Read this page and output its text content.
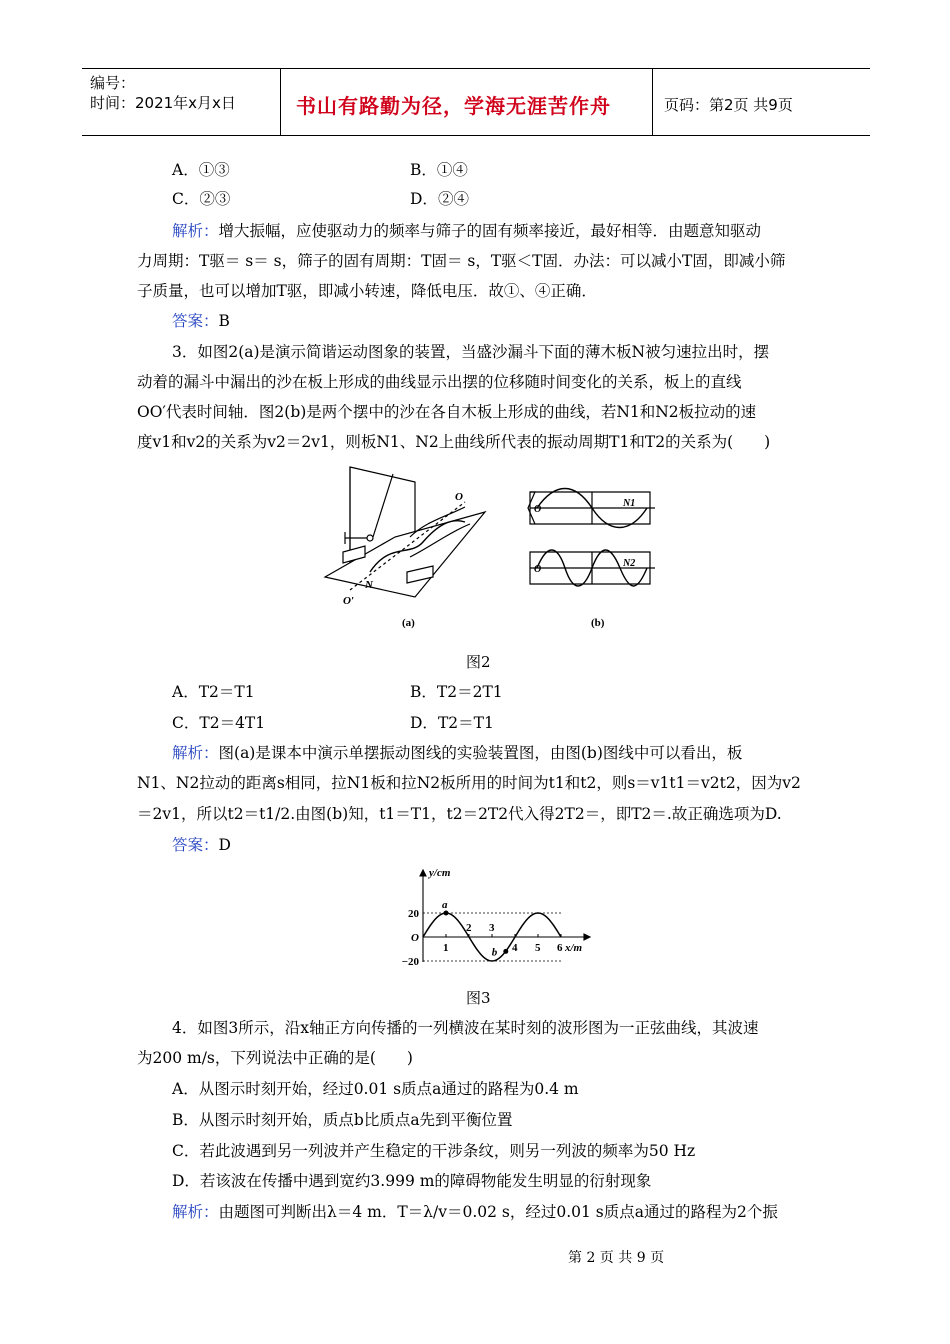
编号：
时间：2021年x月x日	书山有路勤为径，学海无涯苦作舟	页码：第2页 共9页
A．①③	B．①④
C．②③	D．②④
解析：增大振幅，应使驱动力的频率与筛子的固有频率接近，最好相等．由题意知驱动
力周期：T驱＝ s＝ s，筛子的固有周期：T固＝ s，T驱＜T固．办法：可以减小T固，即减小筛
子质量，也可以增加T驱，即减小转速，降低电压．故①、④正确．
答案：B
3．如图2(a)是演示简谐运动图象的装置，当盛沙漏斗下面的薄木板N被匀速拉出时，摆
动着的漏斗中漏出的沙在板上形成的曲线显示出摆的位移随时间变化的关系，板上的直线
OO′代表时间轴．图2(b)是两个摆中的沙在各自木板上形成的曲线，若N1和N2板拉动的速
度v1和v2的关系为v2＝2v1，则板N1、N2上曲线所代表的振动周期T1和T2的关系为(　　)
O
O′
N
(a)
O
N1
O
N2
(b)
图2
A．T2＝T1	B．T2＝2T1
C．T2＝4T1	D．T2＝T1
解析：图(a)是课本中演示单摆振动图线的实验装置图，由图(b)图线中可以看出，板
N1、N2拉动的距离s相同，拉N1板和拉N2板所用的时间为t1和t2，则s＝v1t1＝v2t2，因为v2
＝2v1，所以t2＝t1/2.由图(b)知，t1＝T1，t2＝2T2代入得2T2＝，即T2＝.故正确选项为D.
答案：D
y/cm
x/m
20
O
−20
1
2 3
4 5 6
a
b
图3
4．如图3所示，沿x轴正方向传播的一列横波在某时刻的波形图为一正弦曲线，其波速
为200 m/s，下列说法中正确的是(　　)
A．从图示时刻开始，经过0.01 s质点a通过的路程为0.4 m
B．从图示时刻开始，质点b比质点a先到平衡位置
C．若此波遇到另一列波并产生稳定的干涉条纹，则另一列波的频率为50 Hz
D．若该波在传播中遇到宽约3.999 m的障碍物能发生明显的衍射现象
解析：由题图可判断出λ＝4 m．T＝λ/v＝0.02 s，经过0.01 s质点a通过的路程为2个振
第 2 页 共 9 页
